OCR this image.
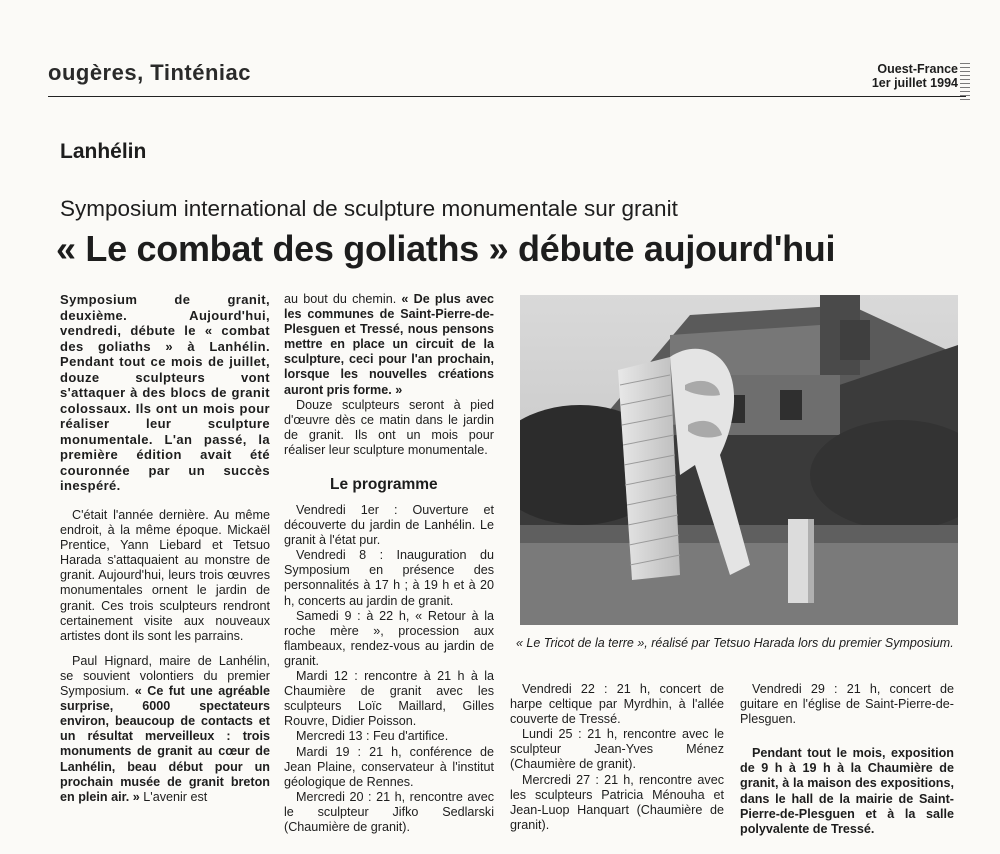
ougères, Tinténiac	Ouest-France
1er juillet 1994
Lanhélin
Symposium international de sculpture monumentale sur granit
« Le combat des goliaths » débute aujourd'hui
Symposium de granit, deuxième. Aujourd'hui, vendredi, débute le « combat des goliaths » à Lanhélin. Pendant tout ce mois de juillet, douze sculpteurs vont s'attaquer à des blocs de granit colossaux. Ils ont un mois pour réaliser leur sculpture monumentale. L'an passé, la première édition avait été couronnée par un succès inespéré.

C'était l'année dernière. Au même endroit, à la même époque. Mickaël Prentice, Yann Liebard et Tetsuo Harada s'attaquaient au monstre de granit. Aujourd'hui, leurs trois œuvres monumentales ornent le jardin de granit. Ces trois sculpteurs rendront certainement visite aux nouveaux artistes dont ils sont les parrains.

Paul Hignard, maire de Lanhélin, se souvient volontiers du premier Symposium. « Ce fut une agréable surprise, 6000 spectateurs environ, beaucoup de contacts et un résultat merveilleux : trois monuments de granit au cœur de Lanhélin, beau début pour un prochain musée de granit breton en plein air. » L'avenir est

au bout du chemin. « De plus avec les communes de Saint-Pierre-de-Plesguen et Tressé, nous pensons mettre en place un circuit de la sculpture, ceci pour l'an prochain, lorsque les nouvelles créations auront pris forme. »

Douze sculpteurs seront à pied d'œuvre dès ce matin dans le jardin de granit. Ils ont un mois pour réaliser leur sculpture monumentale.

Le programme

Vendredi 1er : Ouverture et découverte du jardin de Lanhélin. Le granit à l'état pur.

Vendredi 8 : Inauguration du Symposium en présence des personnalités à 17 h ; à 19 h et à 20 h, concerts au jardin de granit.

Samedi 9 : à 22 h, « Retour à la roche mère », procession aux flambeaux, rendez-vous au jardin de granit.

Mardi 12 : rencontre à 21 h à la Chaumière de granit avec les sculpteurs Loïc Maillard, Gilles Rouvre, Didier Poisson.

Mercredi 13 : Feu d'artifice.

Mardi 19 : 21 h, conférence de Jean Plaine, conservateur à l'institut géologique de Rennes.

Mercredi 20 : 21 h, rencontre avec le sculpteur Jifko Sedlarski (Chaumière de granit).

« Le Tricot de la terre », réalisé par Tetsuo Harada lors du premier Symposium.

Vendredi 22 : 21 h, concert de harpe celtique par Myrdhin, à l'allée couverte de Tressé.

Lundi 25 : 21 h, rencontre avec le sculpteur Jean-Yves Ménez (Chaumière de granit).

Mercredi 27 : 21 h, rencontre avec les sculpteurs Patricia Ménouha et Jean-Luop Hanquart (Chaumière de granit).

Vendredi 29 : 21 h, concert de guitare en l'église de Saint-Pierre-de-Plesguen.

Pendant tout le mois, exposition de 9 h à 19 h à la Chaumière de granit, à la maison des expositions, dans le hall de la mairie de Saint-Pierre-de-Plesguen et à la salle polyvalente de Tressé.
